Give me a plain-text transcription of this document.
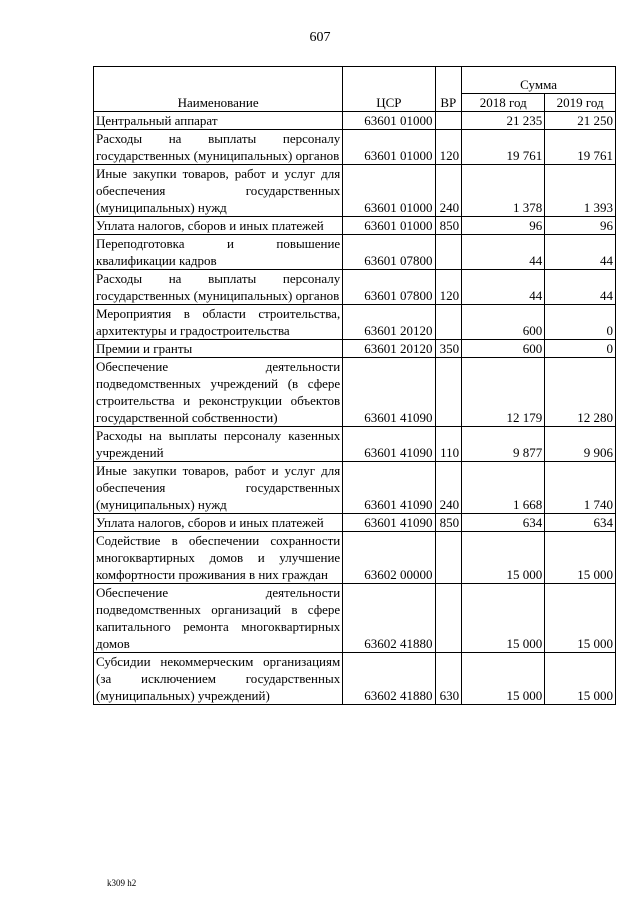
607
Наименование	ЦСР	ВР	Сумма	
			2018 год	2019 год
Центральный аппарат	63601 01000		21 235	21 250
Расходы на выплаты персоналу государственных (муниципальных) органов	63601 01000	120	19 761	19 761
Иные закупки товаров, работ и услуг для обеспечения государственных (муниципальных) нужд	63601 01000	240	1 378	1 393
Уплата налогов, сборов и иных платежей	63601 01000	850	96	96
Переподготовка и повышение квалификации кадров	63601 07800		44	44
Расходы на выплаты персоналу государственных (муниципальных) органов	63601 07800	120	44	44
Мероприятия в области строительства, архитектуры и градостроительства	63601 20120		600	0
Премии и гранты	63601 20120	350	600	0
Обеспечение деятельности подведомственных учреждений (в сфере строительства и реконструкции объектов государственной собственности)	63601 41090		12 179	12 280
Расходы на выплаты персоналу казенных учреждений	63601 41090	110	9 877	9 906
Иные закупки товаров, работ и услуг для обеспечения государственных (муниципальных) нужд	63601 41090	240	1 668	1 740
Уплата налогов, сборов и иных платежей	63601 41090	850	634	634
Содействие в обеспечении сохранности многоквартирных домов и улучшение комфортности проживания в них граждан	63602 00000		15 000	15 000
Обеспечение деятельности подведомственных организаций в сфере капитального ремонта многоквартирных домов	63602 41880		15 000	15 000
Субсидии некоммерческим организациям (за исключением государственных (муниципальных) учреждений)	63602 41880	630	15 000	15 000
k309 h2
